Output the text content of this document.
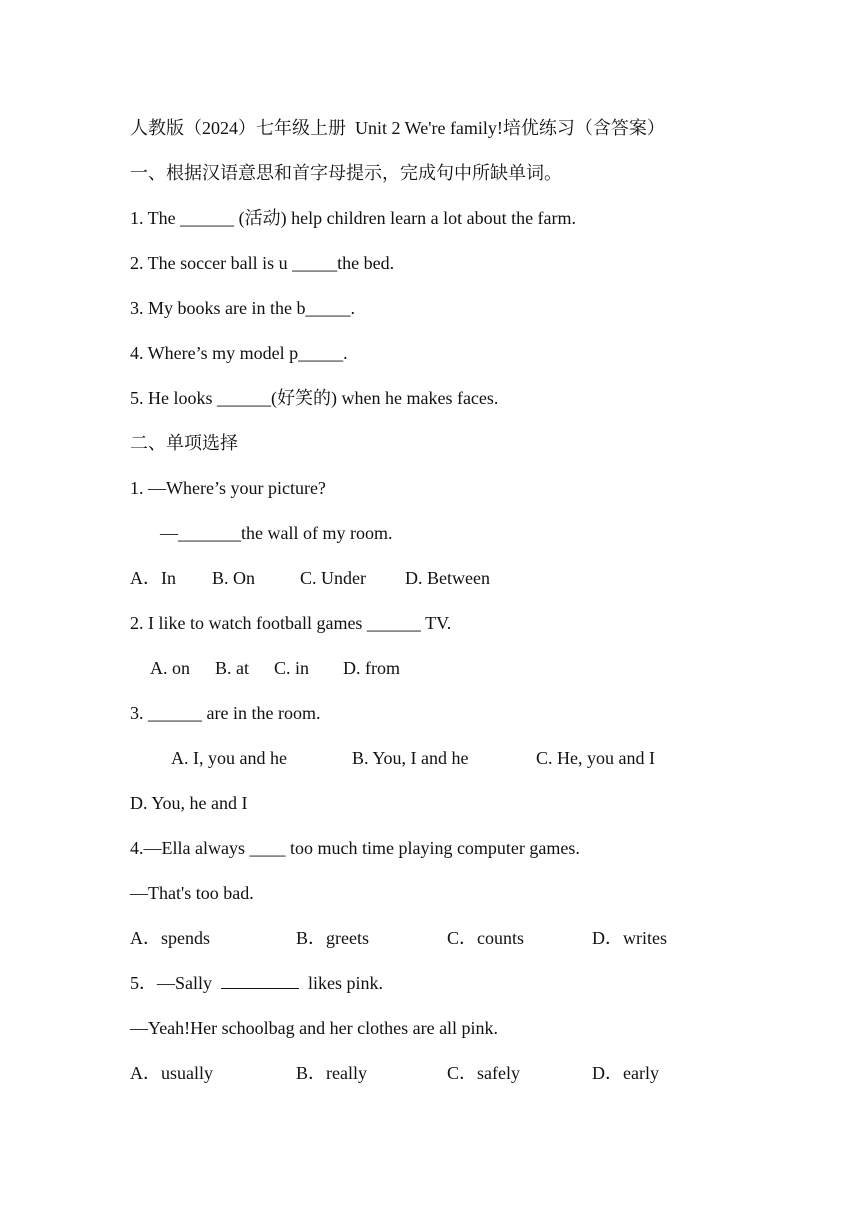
人教版（2024）七年级上册  Unit 2 We're family!培优练习（含答案）
一、根据汉语意思和首字母提示，完成句中所缺单词。
1. The ______ (活动) help children learn a lot about the farm.
2. The soccer ball is u _____the bed.
3. My books are in the b_____.
4. Where’s my model p_____.
5. He looks ______(好笑的) when he makes faces.
二、单项选择
1. —Where’s your picture?
—_______the wall of my room.
A．In B. On C. Under D. Between
2. I like to watch football games ______ TV.
A. on B. at C. in D. from
3. ______ are in the room.
A. I, you and he	B. You, I and he	C. He, you and I
D. You, he and I
4.—Ella always ____ too much time playing computer games.
—That's too bad.
A．spends	B．greets	C．counts	D．writes
5．—Sally	likes pink.
—Yeah!Her schoolbag and her clothes are all pink.
A．usually	B．really	C．safely	D．early
